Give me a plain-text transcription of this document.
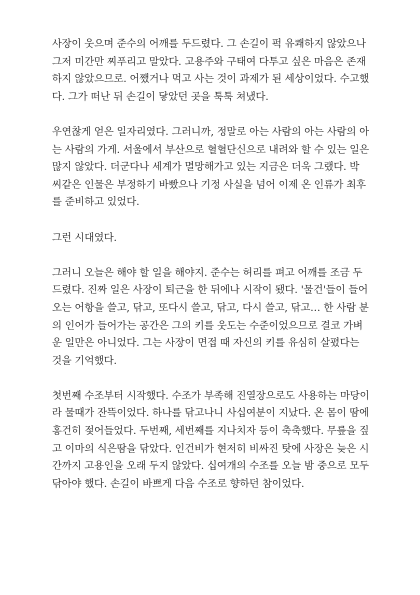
사장이 웃으며 준수의 어깨를 두드렸다. 그 손길이 퍽 유쾌하지 않았으나
그저 미간만 찌푸리고 말았다. 고용주와 구태여 다투고 싶은 마음은 존재
하지 않았으므로. 어쨌거나 먹고 사는 것이 과제가 된 세상이었다. 수고했
다. 그가 떠난 뒤 손길이 닿았던 곳을 툭툭 쳐냈다.

우연찮게 얻은 일자리였다. 그러니까, 정말로 아는 사람의 아는 사람의 아
는 사람의 가게. 서울에서 부산으로 혈혈단신으로 내려와 할 수 있는 일은
많지 않았다. 더군다나 세계가 멸망해가고 있는 지금은 더욱 그랬다. 박
씨같은 인물은 부정하기 바빴으나 기정 사실을 넘어 이제 온 인류가 최후
를 준비하고 있었다.

그런 시대였다.

그러니 오늘은 해야 할 일을 해야지. 준수는 허리를 펴고 어깨를 조금 두
드렸다. 진짜 일은 사장이 퇴근을 한 뒤에나 시작이 됐다. '물건'들이 들어
오는 어항을 쓸고, 닦고, 또다시 쓸고, 닦고, 다시 쓸고, 닦고… 한 사람 분
의 인어가 들어가는 공간은 그의 키를 웃도는 수준이었으므로 결코 가벼
운 일만은 아니었다. 그는 사장이 면접 때 자신의 키를 유심히 살폈다는
것을 기억했다.

첫번째 수조부터 시작했다. 수조가 부족해 진열장으로도 사용하는 마당이
라 물때가 잔뜩이었다. 하나를 닦고나니 사십여분이 지났다. 온 몸이 땀에
홍건히 젖어들었다. 두번째, 세번째를 지나치자 등이 축축했다. 무릎을 짚
고 이마의 식은땀을 닦았다. 인건비가 현저히 비싸진 탓에 사장은 늦은 시
간까지 고용인을 오래 두지 않았다. 십여개의 수조를 오늘 밤 중으로 모두
닦아야 했다. 손길이 바쁘게 다음 수조로 향하던 참이었다.
